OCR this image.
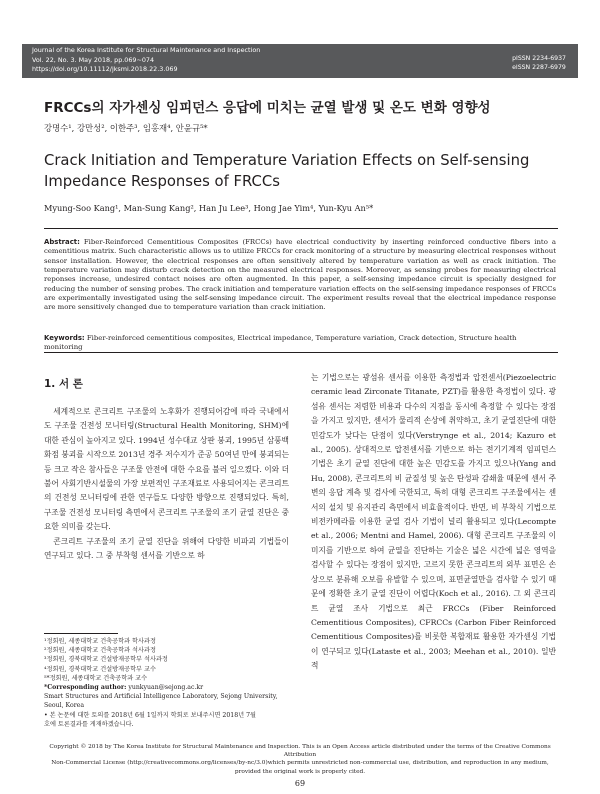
Journal of the Korea Institute for Structural Maintenance and Inspection
Vol. 22, No. 3. May 2018, pp.069~074
https://doi.org/10.11112/jksmi.2018.22.3.069
pISSN 2234-6937
eISSN 2287-6979
FRCCs의 자가센싱 임피던스 응답에 미치는 균열 발생 및 온도 변화 영향성
강명수¹, 강만성², 이한주³, 임홍재⁴, 안윤규⁵*
Crack Initiation and Temperature Variation Effects on Self-sensing Impedance Responses of FRCCs
Myung-Soo Kang¹, Man-Sung Kang², Han Ju Lee³, Hong Jae Yim⁴, Yun-Kyu An⁵*
Abstract: Fiber-Reinforced Cementitious Composites (FRCCs) have electrical conductivity by inserting reinforced conductive fibers into a cementitious matrix. Such characteristic allows us to utilize FRCCs for crack monitoring of a structure by measuring electrical responses without sensor installation. However, the electrical responses are often sensitively altered by temperature variation as well as crack initiation. The temperature variation may disturb crack detection on the measured electrical responses. Moreover, as sensing probes for measuring electrical reponses increase, undesired contact noises are often augmented. In this paper, a self-sensing impedance circuit is specially designed for reducing the number of sensing probes. The crack initiation and temperature variation effects on the self-sensing impedance responses of FRCCs are experimentally investigated using the self-sensing impedance circuit. The experiment results reveal that the electrical impedance response are more sensitively changed due to temperature variation than crack initiation.
Keywords: Fiber-reinforced cementitious composites, Electrical impedance, Temperature variation, Crack detection, Structure health monitoring
1. 서 론

세계적으로 콘크리트 구조물의 노후화가 진행되어감에 따라 국내에서도 구조물 건전성 모니터링(Structural Health Monitoring, SHM)에 대한 관심이 높아지고 있다. 1994년 성수대교 상판 붕괴, 1995년 삼풍백화점 붕괴를 시작으로 2013년 경주 저수지가 준공 50여년 만에 붕괴되는 등 크고 작은 참사들은 구조물 안전에 대한 수요를 불러 일으켰다. 이와 더불어 사회기반시설물의 가장 보편적인 구조재료로 사용되어지는 콘크리트의 건전성 모니터링에 관한 연구들도 다양한 방향으로 진행되었다. 특히, 구조물 건전성 모니터링 측면에서 콘크리트 구조물의 조기 균열 진단은 중요한 의미를 갖는다.

콘크리트 구조물의 조기 균열 진단을 위해여 다양한 비파괴 기법들이 연구되고 있다. 그 중 부착형 센서를 기반으로 하

는 기법으로는 광섬유 센서를 이용한 측정법과 압전센서(Piezoelectric ceramic lead Zirconate Titanate, PZT)를 활용한 측정법이 있다. 광섬유 센서는 저렴한 비용과 다수의 지점을 동시에 측정할 수 있다는 장점을 가지고 있지만, 센서가 물리적 손상에 취약하고, 초기 균열진단에 대한 민감도가 낮다는 단점이 있다(Verstrynge et al., 2014; Kazuro et al., 2005). 상대적으로 압전센서를 기반으로 하는 전기기계적 임피던스 기법은 초기 균열 진단에 대한 높은 민감도를 가지고 있으나(Yang and Hu, 2008), 콘크리트의 비 균질성 및 높은 탄성파 감쇄율 때문에 센서 주변의 응답 계측 및 검사에 국한되고, 특히 대형 콘크리트 구조물에서는 센서의 설치 및 유지관리 측면에서 비효율적이다. 반면, 비 부착식 기법으로 비전카메라를 이용한 균열 검사 기법이 널리 활용되고 있다(Lecompte et al., 2006; Mentni and Hamel, 2006). 대형 콘크리트 구조물의 이미지를 기반으로 하여 균열을 진단하는 기술은 넓은 시간에 넓은 영역을 검사할 수 있다는 장점이 있지만, 고르지 못한 콘크리트의 외부 표면은 손상으로 분류해 오보를 유발할 수 있으며, 표면균열만을 검사할 수 있기 때문에 정확한 초기 균열 진단이 어렵다(Koch et al., 2016). 그 외 콘크리트 균열 조사 기법으로 최근 FRCCs (Fiber Reinforced Cementitious Composites), CFRCCs (Carbon Fiber Reinforced Cementitious Composites)를 비롯한 복합재료 활용한 자가센싱 기법이 연구되고 있다(Lataste et al., 2003; Meehan et al., 2010). 일반적

¹정회원, 세종대학교 건축공학과 학사과정
²정회원, 세종대학교 건축공학과 석사과정
³정회원, 경북대학교 건설방재공학부 석사과정
⁴정회원, 경북대학교 건설방재공학부 교수
⁵*정회원, 세종대학교 건축공학과 교수
*Corresponding author: yunkyuan@sejong.ac.kr
Smart Structures and Artificial Intelligence Laboratory, Sejong University,
Seoul, Korea
• 본 논문에 대한 토의를 2018년 6월 1일까지 학회로 보내주시면 2018년 7월
호에 토론결과를 게재하겠습니다.
Copyright © 2018 by The Korea Institute for Structural Maintenance and Inspection. This is an Open Access article distributed under the terms of the Creative Commons Attribution
Non-Commercial License (http://creativecommons.org/licenses/by-nc/3.0)which permits unrestricted non-commercial use, distribution, and reproduction in any medium,
provided the original work is properly cited.
69
